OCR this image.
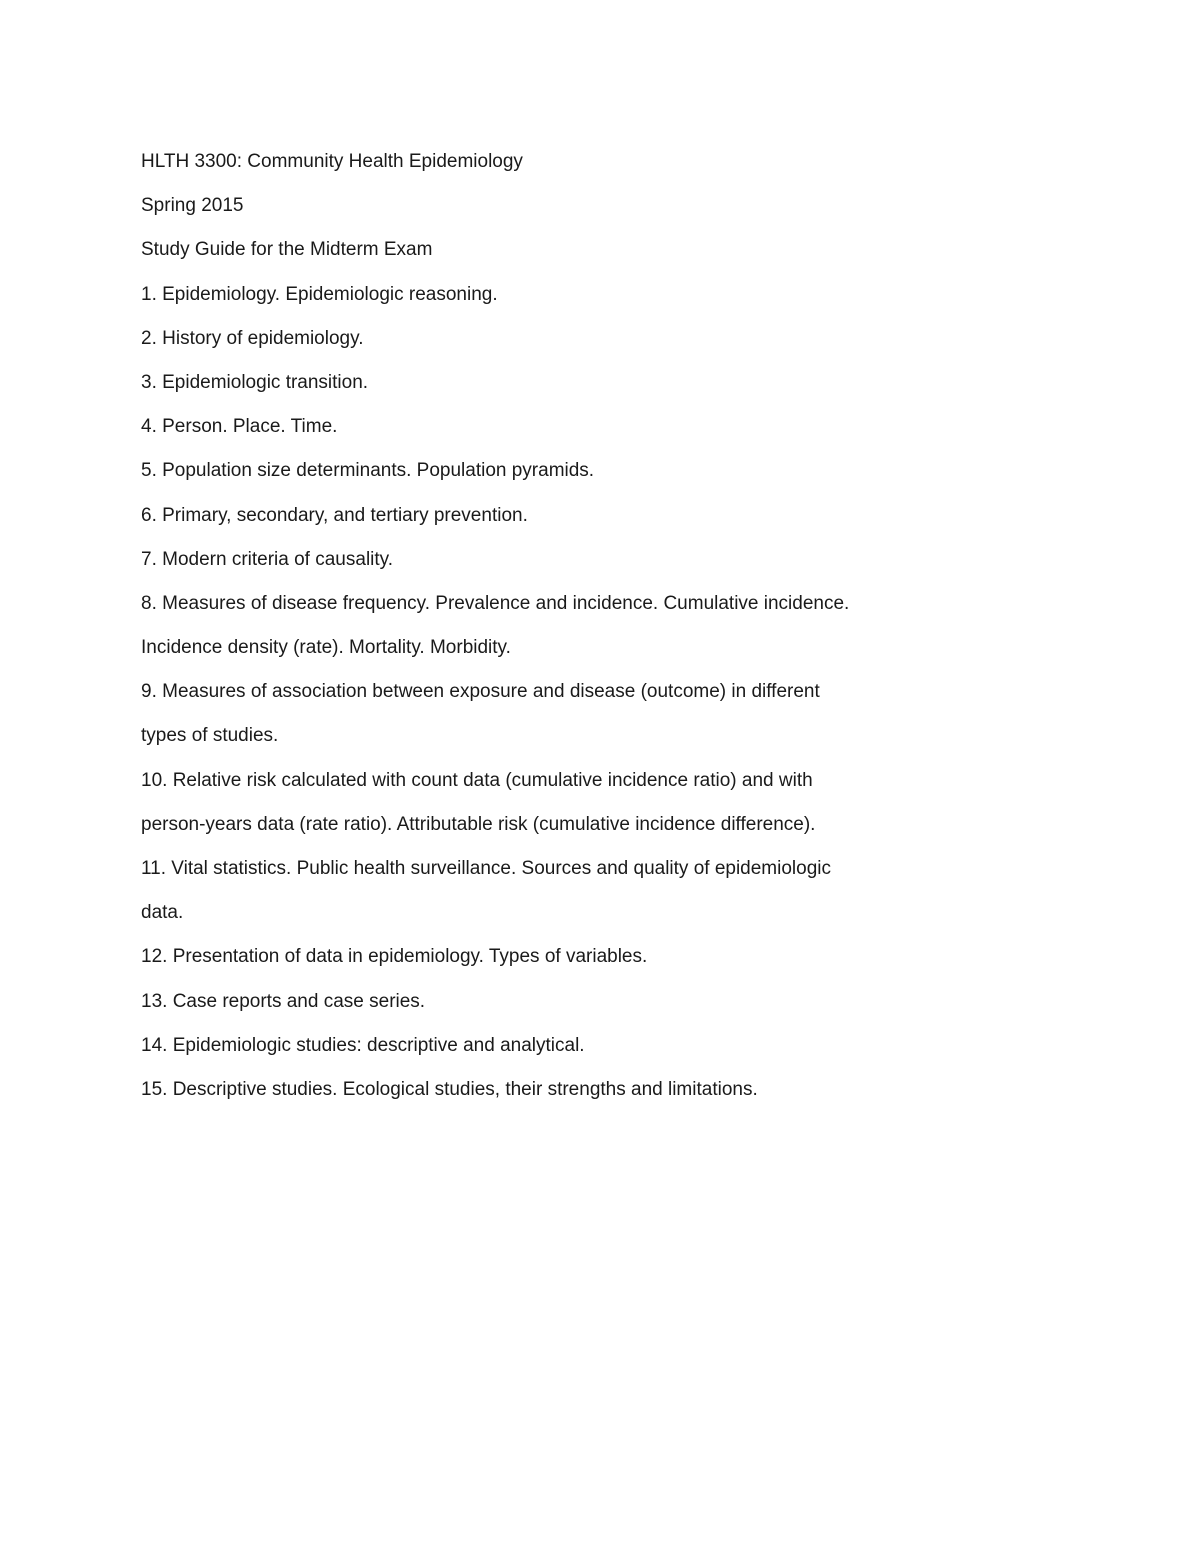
HLTH 3300: Community Health Epidemiology
Spring 2015
Study Guide for the Midterm Exam
1. Epidemiology. Epidemiologic reasoning.
2. History of epidemiology.
3. Epidemiologic transition.
4. Person. Place. Time.
5. Population size determinants. Population pyramids.
6. Primary, secondary, and tertiary prevention.
7. Modern criteria of causality.
8. Measures of disease frequency. Prevalence and incidence. Cumulative incidence.
Incidence density (rate). Mortality. Morbidity.
9. Measures of association between exposure and disease (outcome) in different
types of studies.
10. Relative risk calculated with count data (cumulative incidence ratio) and with
person-years data (rate ratio). Attributable risk (cumulative incidence difference).
11. Vital statistics. Public health surveillance. Sources and quality of epidemiologic
data.
12. Presentation of data in epidemiology. Types of variables.
13. Case reports and case series.
14. Epidemiologic studies: descriptive and analytical.
15. Descriptive studies. Ecological studies, their strengths and limitations.
